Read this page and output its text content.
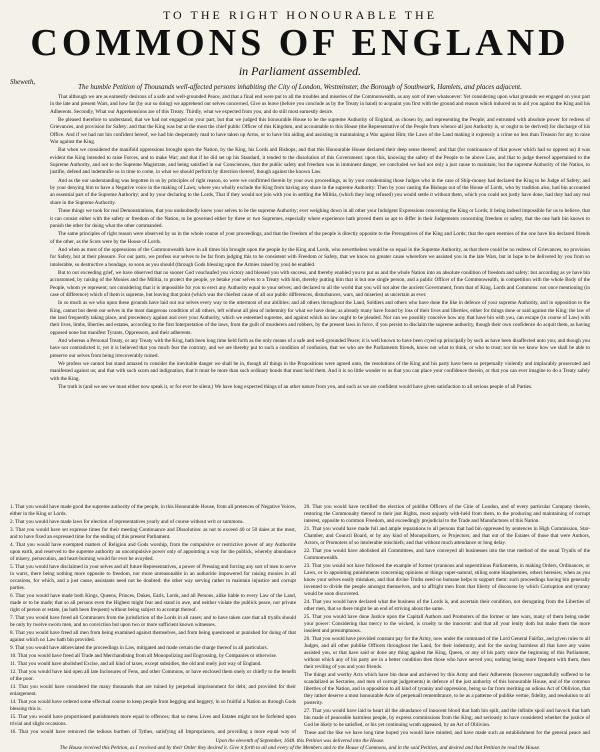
TO THE RIGHT HONOURABLE THE
COMMONS OF ENGLAND
in Parliament assembled.
The humble Petition of Thousands well-affected persons inhabiting the City of London, Westminster, the Borough of Southwark, Hamlets, and places adjacent.
Sheweth,

That although we are as earnestly desirous of a safe and well-grounded Peace, and that a final end were put to all the troubles and miseries of the Commonwealth, as any sort of men whatsoever: Yet considering upon what grounds we engaged on your part in the late and present Wars, and how far (by our so doing) we apprehend our selves concerned, Give us leave (before you conclude as by the Treaty in hand) to acquaint you first with the ground and reason which induced us to aid you against the King and his Adherents. Secondly, What our Apprehensions are of this Treaty. Thirdly, what we expected from you, and do still most earnestly desire.

Be pleased therefore to understand, that we had not engaged on your part, but that we judged this honourable House to be the supreme Authority of England, as chosen by, and representing the People; and entrusted with absolute power for redress of Grievances, and provision for Safety: and that the King was but at the most the chief public Officer of this Kingdom, and accountable to this House (the Representative of the People from whence all just Authority is, or ought to be derived) for discharge of his Office. And if we had not bin confident hereof, we had bin desperately mad to have taken up Arms, or to have bin aiding and assisting in maintaining a War against Him; the Laws of the Land making it expressly a crime no less than Treason for any to raise War against the King.

But when we considered the manifold oppressions brought upon the Nation, by the King, his Lords and Bishops; and that this Honourable House declared their deep sense thereof; and that (for continuance of that power which had so opprest us) it was evident the King intended to raise Forces, and to make War; and that if he did set up his Standard, it tended to the dissolution of this Government: upon this, knowing the safety of the People to be above Law, and that to judge thereof appertained to the Supreme Authority, and not to the Supreme Magistrate, and being satisfied in our Consciences, that the public safety and freedom was in imminent danger, we concluded we had not only a just cause to maintain; but the supreme Authority of the Nation, to justifie, defend and indemnifie us in time to come, in what we should perform by direction thereof, though against the known Law.

And as the our understanding was begotten in us by principles of right reason, so were we confirmed therein by your own proceedings, as by your condemning those Judges who in the case of Ship-money had declared the King to be Judge of Safety; and by your denying him to have a Negative voice in the making of Laws; where you wholly exclude the King from having any share in the supreme Authority: Then by your casting the Bishops out of the House of Lords, who by tradition also, had bin accounted an essential part of the Supreme Authority; and by your declaring to the Lords, That if they would not join with you in settling the Militia, (which they long refused) you would settle it without them, which you could not justly have done, had they had any real share in the Supreme Authority.

These things we took for real Demonstrations, that you undoubtedly knew your selves to be the supreme Authority; ever weighing down in all other your Indulgent Expressions concerning the King or Lords; it being indeed impossible for us to believe, that it can consist either with the safety or freedom of the Nation, to be governed either by three or two Supremes, especially where experience hath proved them so apt to differ in their Judgements concerning freedom or safety, that the one hath bin known to punish the other for doing what the other commanded.

The same principles of right reason were observed by us in the whole course of your proceedings, and that the freedom of the people is directly opposite to the Prerogatives of the King and Lords; that the open enemies of the one have bin declared friends of the other, as the Scots were by the House of Lords.

And when as most of the oppressions of the Commonwealth have in all times bin brought upon the people by the King and Lords, who nevertheless would be so equal in the Supreme Authority, as that there could be no redress of Grievances, no provision for Safety, but at their pleasure. For our parts, we profess our selves to be far from judging this to be consistent with Freedom or Safety, that we know no greater cause wherefore we assisted you in the late Wars, but in hope to be delivered by you from so intolerable, so destructive a bondage, so soon as you should (through Gods blessing upon the Armies raised by you) be enabled.

But to our exceeding grief, we have observed that no sooner God vouchsafed you victory and blessed you with success, and thereby enabled you to put us and the whole Nation into an absolute condition of freedom and safety: but according as ye have bin accustomed, by raising of the Monies and the Militia, to protect the people, ye betake your selves to a Treaty with him, thereby putting him that is but one single person, and a public Officer of the Commonwealth, in competition with the whole Body of the People, whom ye represent; not considering that it is impossible for you to erect any Authority equal to your selves; and declared to all the world that you will not alter the ancient Government, from that of King, Lords and Commons: not once mentioning (in case of difference) which of them is supreme, but leaving that point (which was the chiefest cause of all our public differences, disturbances, wars, and miseries) as uncertain as ever.

In so much as we who upon these grounds have laid out our selves every way to the uttermost of our abilities: and all others throughout the Land, Soldiers and others who have done the like in defence of your supreme Authority, and in opposition to the King, cannot but deem our selves in the most dangerous condition of all others, left without all plea of indemnity for what we have done; as already many have found by loss of their lives and liberties, either for things done or said against the King; the law of the land frequently taking place, and precedency against and over your Authority, which we esteemed supreme, and against which no law ought to be pleaded. Nor can we possibly conceive how any that have bin with you, can escape (in course of Law) with their lives, limbs, liberties and estates, according to the first Interpretation of the laws, from the guilt of murderers and robbers, by the present laws in force, if you persist to disclaim the supreme authority, though their own confidence do acquit them, as having opposed none but manifest Tyrants, Oppressors, and their adherents.

And whereas a Personal Treaty, or any Treaty with the King, hath been long time held forth as the only means of a safe and well-grounded Peace; it is well known to have been cryed up principally by such as have been disaffected unto you; and though you have not contradicted it, yet it is believed that you much fear the contrary, and we are thereby put to such a condition of confusion, that we who are the Parliaments friends, know not what to think, or who to trust; nor do we know how we shall be able to preserve our selves from being irrecoverably ruined.

We profess we cannot but stand amazed to consider the inevitable danger we shall be in, though all things in the Propositions were agreed unto, the resolutions of the King and his party have been so perpetually violently and implacably prosecuted and manifested against us; and that with such scorn and indignation, that it must be more than such ordinary bonds that must hold them. And it is no little wonder to us that you can place your confidence therein, or that you can ever imagine to do a Treaty safely with the King.

The truth is (and we see we must either now speak it, or for ever be silent,) We have long expected things of an other nature from you, and such as we are confident would have given satisfaction to all serious people of all Parties.

1. That you would have made good the supreme authority of the people, in this Honourable House, from all pretences of Negative Voices, either in the King or Lords.

2. That you would have made laws for election of representatives yearly and of course without writ or summons.

3. That you would have set expresse times for their meeting Continuance and Dissolution: as not to exceed 40 or 50 daies at the most, and to have fixed an expressed time for the ending of this present Parliament.

4. That you would have exempted matters of Religion and Gods worship, from the compulsive or restrictive power of any Authoritie upon earth, and reserved to the supreme authority an uncompulsive power only of appointing a way for the publick, whereby abundance of misery, persecution, and heart-burning would for ever be avoyded.

5. That you would have disclaimed in your selves and all future Representatives, a power of Pressing and forcing any sort of men to serve in warrs, there being nothing more opposite to freedom, nor more unreasonable in an authoritie impowered for raising monies in all occasions, for which, and a just cause, assistants need not be doubted: the other way serving rather to maintain injustice and corrupt parties.

6. That you would have made both Kings, Queens, Princes, Dukes, Earls, Lords, and all Persons, alike liable to every Law of the Land, made or to be made; that so all persons even the Highest might fear and stand in awe, and neither violate the publick peace, nor private right of person or estate, (as hath been frequent) without being subject to accompt thereof.

7. That you would have freed all Commoners from the jurisdiction of the Lords in all cases; and to have taken care that all tryalls should be only by twelve sworn men, and no conviction but upon two or more sufficient known witnesses.

8. That you would have freed all men from being examined against themselves, and from being questioned or punished for doing of that against which no Law hath bin provided.

9. That you would have abbreviated the proceedings in Law, mitigated and made certain the charge thereof in all particulars.

10. That you would have freed all Trade and Merchandising from all Monopolizing and Engrossing, by Companies or otherwise.

11. That you would have abolished Excise, and all kind of taxes, except subsidies, the old and onely just way of England.

12. That you would have laid open all late Inclosures of Fens, and other Commons, or have enclosed them onely or chiefly to the benefit of the poor.

13. That you would have considered the many thousands that are ruined by perpetual imprisonment for debt, and provided for their enlargement.

14. That you would have ordered some effectual course to keep people from begging and beggery, in so fruitful a Nation as through Gods blessing this is.

15. That you would have proportioned punishments more equal to offences; that so mens Lives and Estates might not be forfeited upon trivial and slight occasions.

16. That you would have removed the tedious burthen of Tythes, satisfying all Impropriators, and providing a more equal way of

20. That you would have rectified the election of publike Officers of the Citie of London, and of every particular Company therein, restoring the Commonalty thereof to their just Rights, most unjustly with-held from them, to the producing and maintaining of corrupt interest, opposite to common Freedom, and exceedingly prejudicial to the Trade and Manufactures of this Nation.

21. That you would have made full and ample reparations to all persons that had bin oppressed by sentences in High Commission, Star-Chamber, and Council Board, or by any kind of Monopolizers, or Projectors; and that out of the Estates of those that were Authors, Actors, or Promoters of so intolerable mischiefs; and that without much attendance or long delay.

22. That you would have abolished all Committees, and have conveyed all businesses into the true method of the usual Tryalls of the Commonwealth.

23. That you would not have followed the example of former tyrannous and superstitious Parliaments, in making Orders, Ordinances, or Laws, or in appointing punishments concerning opinions or things super-natural, stiling some blasphemies, others heresies; when as you know your selves easily mistaken, and that divine Truths need no humane helps to support them: such proceedings having bin generally invented to divide the people amongst themselves, and to affright men from that liberty of discourse by which Corruption and tyranny would be soon discovered.

24. That you would have declared what the business of the Lords is, and ascertain their condition, not derogating from the Liberties of other men, that so there might be an end of striving about the same.

25. That you would have done Justice upon the Capitall Authors and Promoters of the former or late wars, many of them being under your power: Considering that mercy to the wicked, is cruelty to the innocent: and that all your lenity doth but make them the more insolent and presumptuous.

26. That you would have provided constant pay for the Army, now under the command of the Lord General Fairfax, and given rules to all Judges, and all other publike Officers throughout the Land, for their indemnity, and for the saving harmless all that have any waies assisted you, or that have said or done any thing against the King, Queen, or any of his party since the beginning of this Parliament, without which any of his party are in a better condition then those who have served you; nothing being more frequent with them, then their reviling of you and your friends.

The things and worthy Acts which have bin done and atchieved by this Army and their Adherents (however ungratefully suffered to be scandalized as Sectaries, and men of corrupt judgements) in defence of the just authority of this honourable House, and of the common liberties of the Nation, and in opposition to all kind of tyranny and oppression, being so far from meriting an odious Act of Oblivion, that they rather deserve a most honourable Acte of perpetuall remembrance, to be as a patterne of publike vertue, fidelity, and resolution to all posterity.

27. That you would have laid to heart all the abundance of innocent blood that hath bin spilt, and the infinite spoil and havock that hath bin made of peaceable harmless people, by express commissions from the King; and seriously to have considered whether the justice of God be likely to be satisfied, or his yet continuing wrath appeased, by an Act of Oblivion.

These and the like we have long time hoped you would have minded, and have made such an establishment for the general peace and

Upon the eleventh of September, 1648. this Petition was delivered into the House.
The House received this Petition, as I received and by their Order they desired it. Give it forth to all and every of the Members and to the House of Commons, and in the said Petition, and desired and that Petition be read the House.
